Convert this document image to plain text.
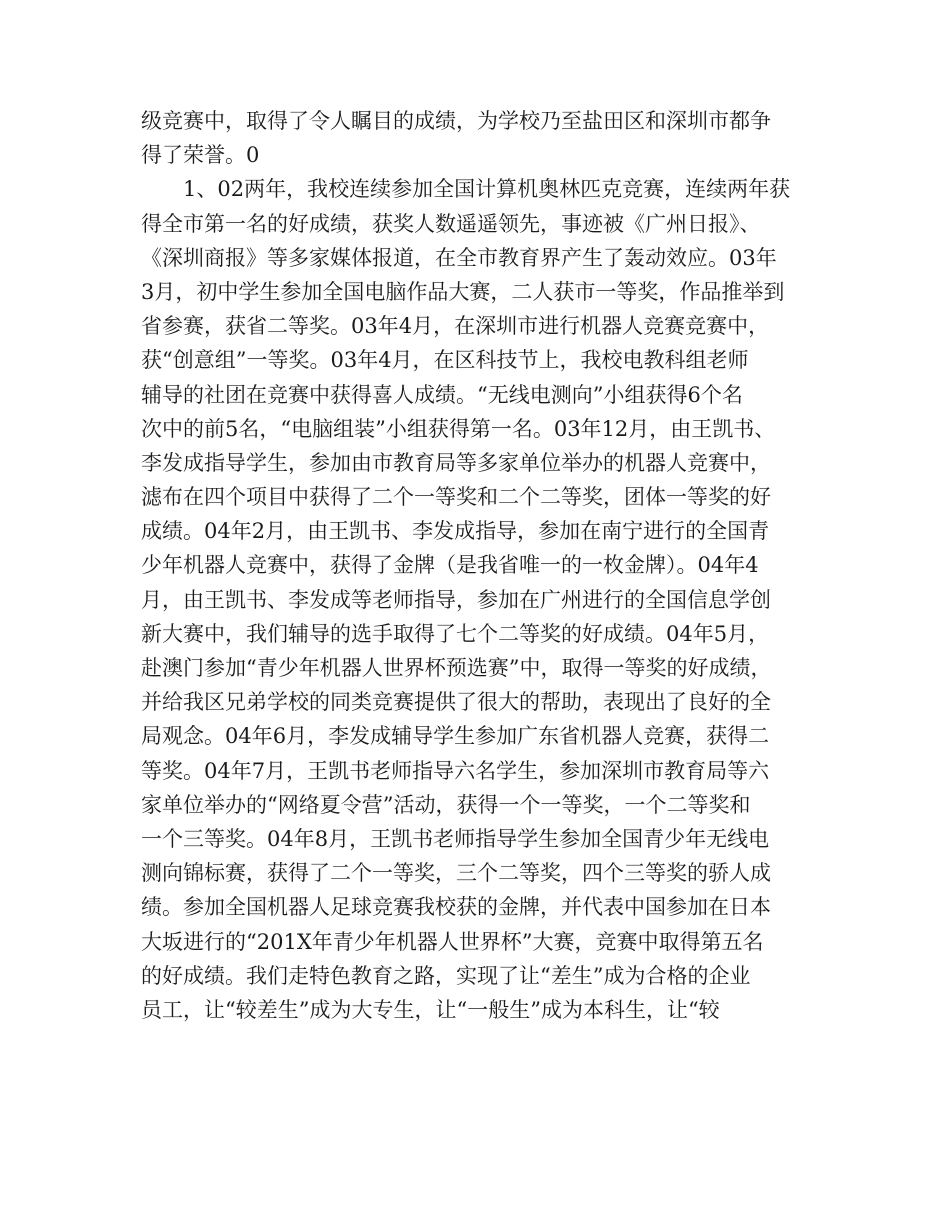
级竞赛中，取得了令人瞩目的成绩，为学校乃至盐田区和深圳市都争
得了荣誉。0
　　1、02两年，我校连续参加全国计算机奥林匹克竞赛，连续两年获
得全市第一名的好成绩，获奖人数遥遥领先，事迹被《广州日报》、
《深圳商报》等多家媒体报道，在全市教育界产生了轰动效应。03年
3月，初中学生参加全国电脑作品大赛，二人获市一等奖，作品推举到
省参赛，获省二等奖。03年4月，在深圳市进行机器人竞赛竞赛中，
获“创意组”一等奖。03年4月，在区科技节上，我校电教科组老师
辅导的社团在竞赛中获得喜人成绩。“无线电测向”小组获得6个名
次中的前5名，“电脑组装”小组获得第一名。03年12月，由王凯书、
李发成指导学生，参加由市教育局等多家单位举办的机器人竞赛中，
滤布在四个项目中获得了二个一等奖和二个二等奖，团体一等奖的好
成绩。04年2月，由王凯书、李发成指导，参加在南宁进行的全国青
少年机器人竞赛中，获得了金牌（是我省唯一的一枚金牌）。04年4
月，由王凯书、李发成等老师指导，参加在广州进行的全国信息学创
新大赛中，我们辅导的选手取得了七个二等奖的好成绩。04年5月，
赴澳门参加“青少年机器人世界杯预选赛”中，取得一等奖的好成绩，
并给我区兄弟学校的同类竞赛提供了很大的帮助，表现出了良好的全
局观念。04年6月，李发成辅导学生参加广东省机器人竞赛，获得二
等奖。04年7月，王凯书老师指导六名学生，参加深圳市教育局等六
家单位举办的“网络夏令营”活动，获得一个一等奖，一个二等奖和
一个三等奖。04年8月，王凯书老师指导学生参加全国青少年无线电
测向锦标赛，获得了二个一等奖，三个二等奖，四个三等奖的骄人成
绩。参加全国机器人足球竞赛我校获的金牌，并代表中国参加在日本
大坂进行的“201X年青少年机器人世界杯”大赛，竞赛中取得第五名
的好成绩。我们走特色教育之路，实现了让“差生”成为合格的企业
员工，让“较差生”成为大专生，让“一般生”成为本科生，让“较
